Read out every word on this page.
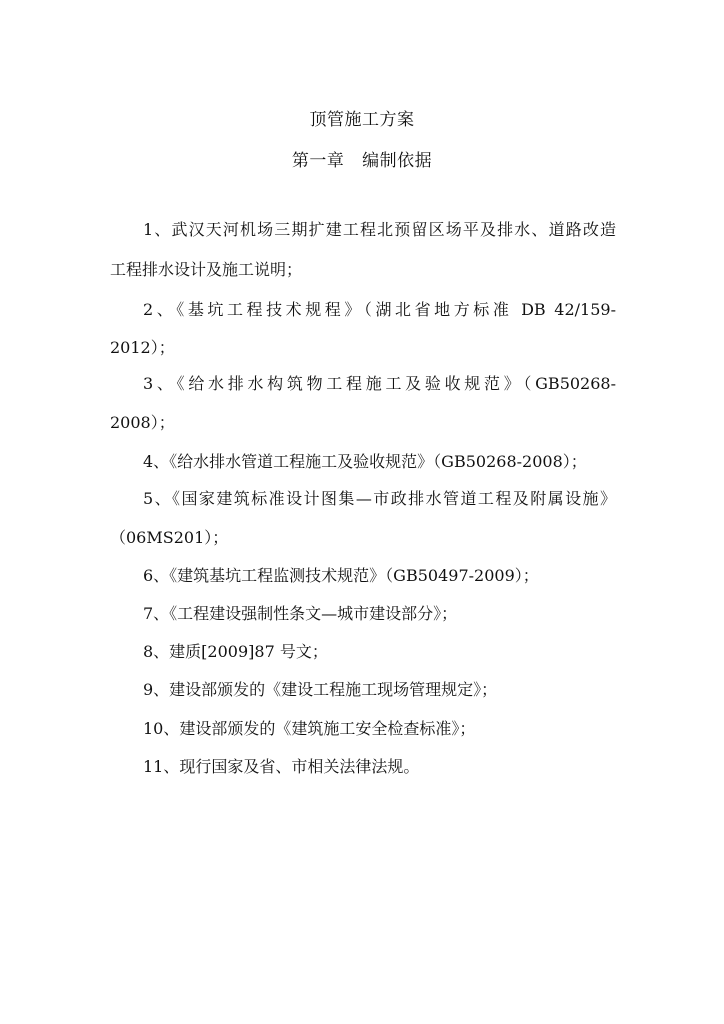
顶管施工方案
第一章   编制依据
1、武汉天河机场三期扩建工程北预留区场平及排水、道路改造
工程排水设计及施工说明；
2、《基坑工程技术规程》（湖北省地方标准 DB 42/159-
2012）；
3、《给水排水构筑物工程施工及验收规范》（GB50268-
2008）；
4、《给水排水管道工程施工及验收规范》（GB50268-2008）；
5、《国家建筑标准设计图集—市政排水管道工程及附属设施》
（06MS201）；
6、《建筑基坑工程监测技术规范》（GB50497-2009）；
7、《工程建设强制性条文—城市建设部分》；
8、建质[2009]87 号文；
9、建设部颁发的《建设工程施工现场管理规定》；
10、建设部颁发的《建筑施工安全检查标准》；
11、现行国家及省、市相关法律法规。
